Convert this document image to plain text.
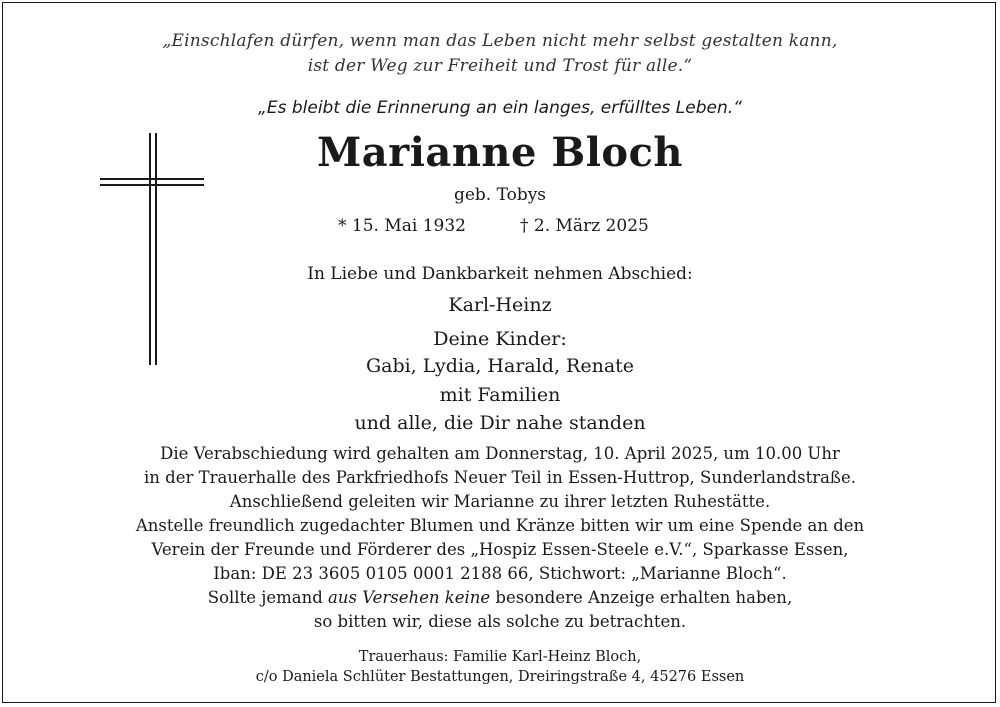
„Einschlafen dürfen, wenn man das Leben nicht mehr selbst gestalten kann,
ist der Weg zur Freiheit und Trost für alle.“
„Es bleibt die Erinnerung an ein langes, erfülltes Leben.“
Marianne Bloch
geb. Tobys
* 15. Mai 1932	† 2. März 2025
In Liebe und Dankbarkeit nehmen Abschied:
Karl-Heinz
Deine Kinder:
Gabi, Lydia, Harald, Renate
mit Familien
und alle, die Dir nahe standen
Die Verabschiedung wird gehalten am Donnerstag, 10. April 2025, um 10.00 Uhr
in der Trauerhalle des Parkfriedhofs Neuer Teil in Essen-Huttrop, Sunderlandstraße.
Anschließend geleiten wir Marianne zu ihrer letzten Ruhestätte.
Anstelle freundlich zugedachter Blumen und Kränze bitten wir um eine Spende an den
Verein der Freunde und Förderer des „Hospiz Essen-Steele e.V.“, Sparkasse Essen,
Iban: DE 23 3605 0105 0001 2188 66, Stichwort: „Marianne Bloch“.
Sollte jemand aus Versehen keine besondere Anzeige erhalten haben,
so bitten wir, diese als solche zu betrachten.
Trauerhaus: Familie Karl-Heinz Bloch,
c/o Daniela Schlüter Bestattungen, Dreiringstraße 4, 45276 Essen
